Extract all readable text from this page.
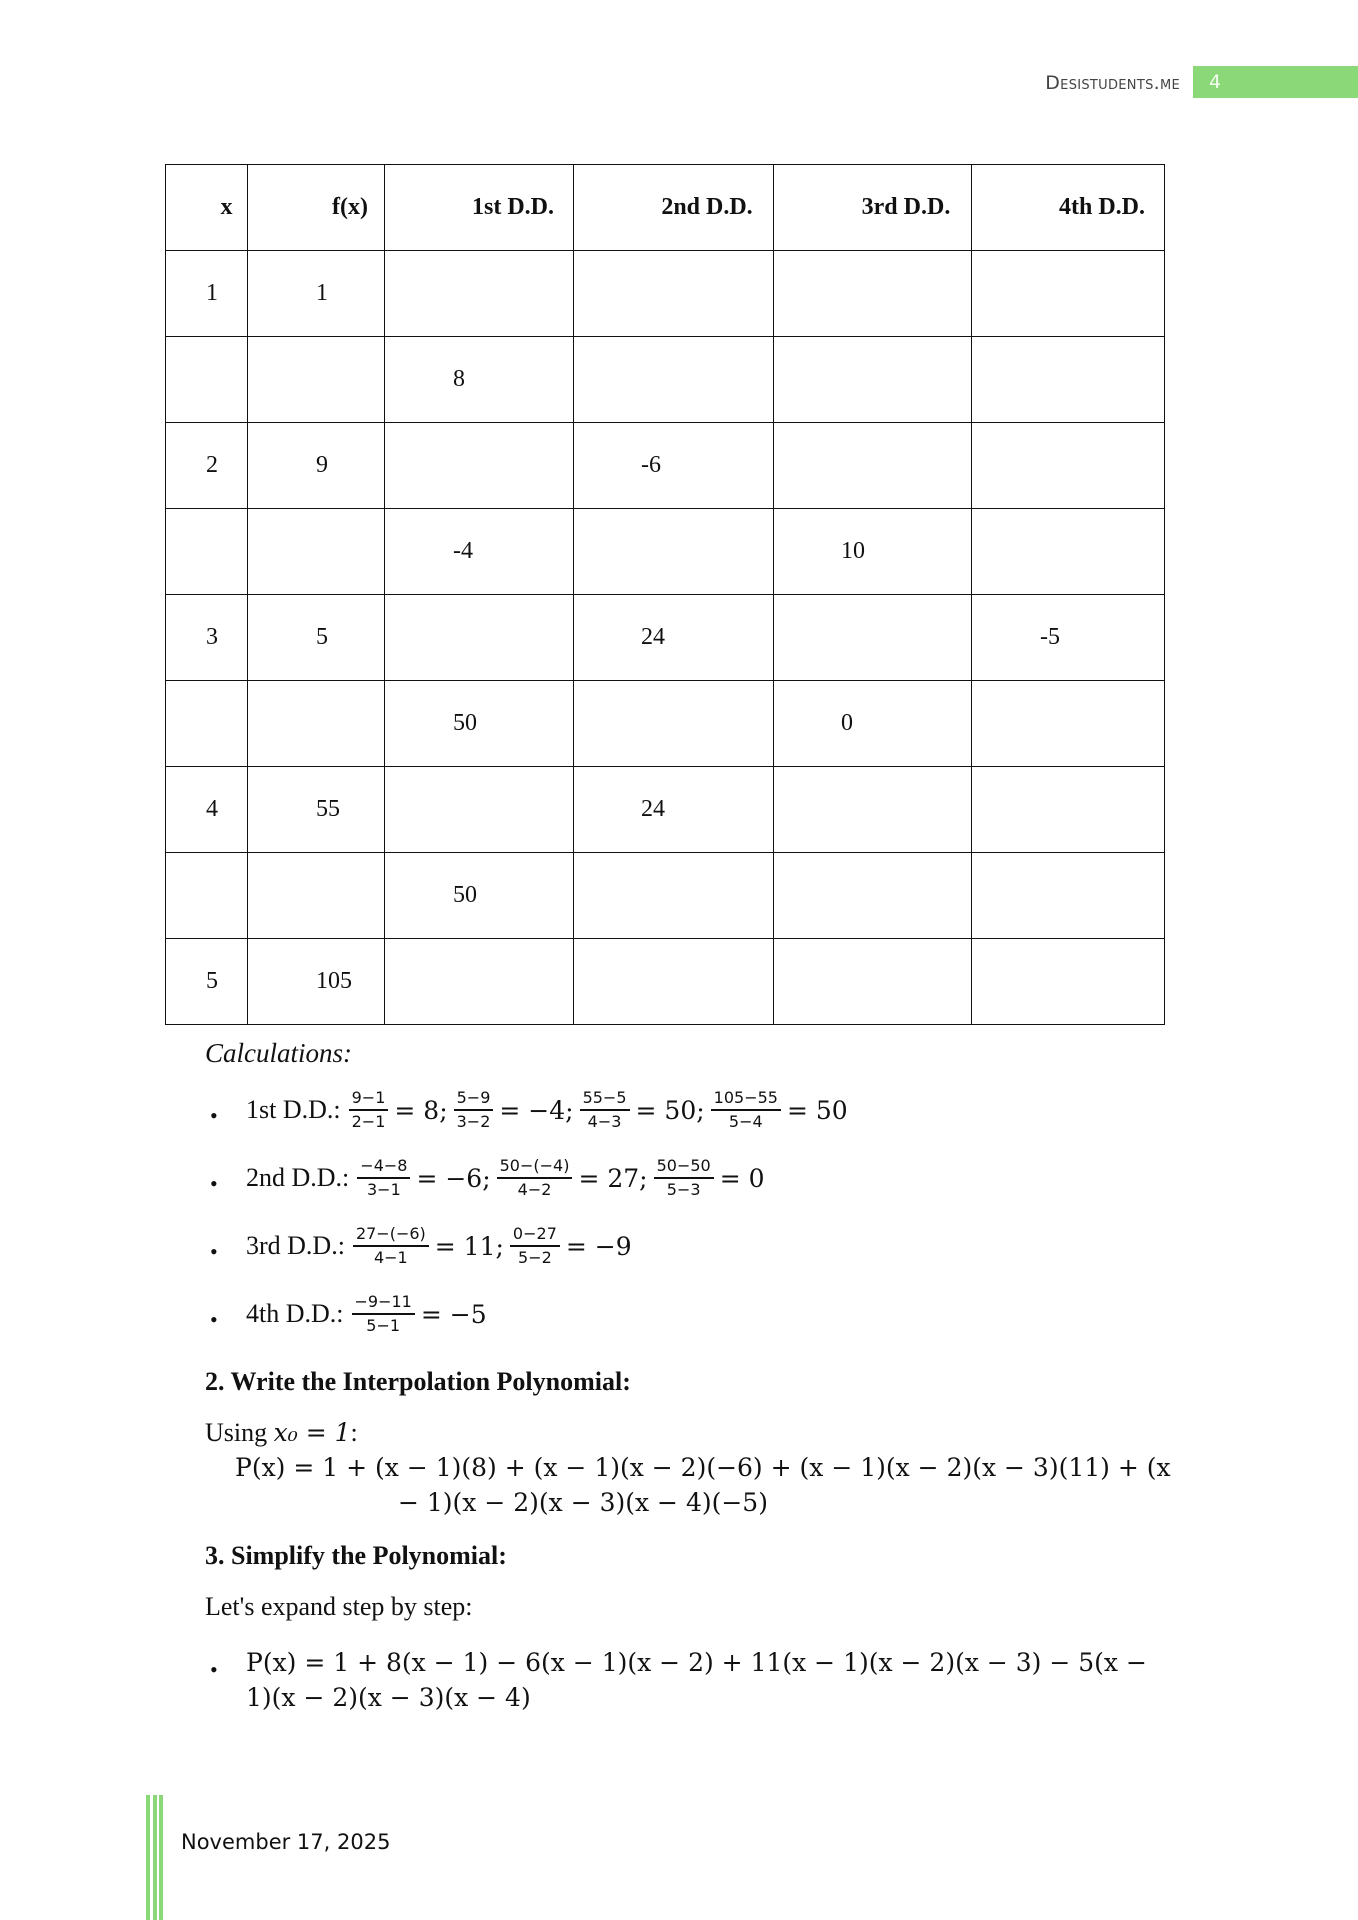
Desistudents.me 4
x	f(x)	1st D.D.	2nd D.D.	3rd D.D.	4th D.D.

1	1				

		8			

2	9		-6		

		-4		10	

3	5		24		-5

		50		0	

4	55		24		

		50			

5	105				

Calculations:
• 1st D.D.: $\frac{9-1}{2-1} = 8$; $\frac{5-9}{3-2} = -4$; $\frac{55-5}{4-3} = 50$; $\frac{105-55}{5-4} = 50$
• 2nd D.D.: $\frac{-4-8}{3-1} = -6$; $\frac{50-(-4)}{4-2} = 27$; $\frac{50-50}{5-3} = 0$
• 3rd D.D.: $\frac{27-(-6)}{4-1} = 11$; $\frac{0-27}{5-2} = -9$
• 4th D.D.: $\frac{-9-11}{5-1} = -5$
2. Write the Interpolation Polynomial:
Using x₀ = 1:
P(x) = 1 + (x − 1)(8) + (x − 1)(x − 2)(−6) + (x − 1)(x − 2)(x − 3)(11) + (x
− 1)(x − 2)(x − 3)(x − 4)(−5)
3. Simplify the Polynomial:
Let's expand step by step:
• P(x) = 1 + 8(x − 1) − 6(x − 1)(x − 2) + 11(x − 1)(x − 2)(x − 3) − 5(x −
1)(x − 2)(x − 3)(x − 4)
November 17, 2025
